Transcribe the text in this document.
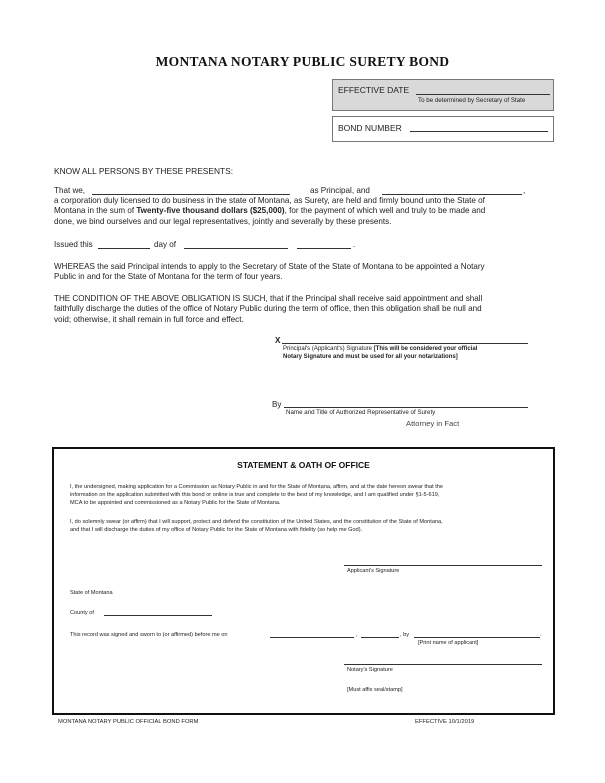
MONTANA NOTARY PUBLIC SURETY BOND
EFFECTIVE DATE
To be determined by Secretary of State
BOND NUMBER
KNOW ALL PERSONS BY THESE PRESENTS:
That we,	as Principal, and	,
a corporation duly licensed to do business in the state of Montana, as Surety, are held and firmly bound unto the State of
Montana in the sum of Twenty-five thousand dollars ($25,000), for the payment of which well and truly to be made and
done, we bind ourselves and our legal representatives, jointly and severally by these presents.
Issued this	day of	.
WHEREAS the said Principal intends to apply to the Secretary of State of the State of Montana to be appointed a Notary
Public in and for the State of Montana for the term of four years.
THE CONDITION OF THE ABOVE OBLIGATION IS SUCH, that if the Principal shall receive said appointment and shall
faithfully discharge the duties of the office of Notary Public during the term of office, then this obligation shall be null and
void; otherwise, it shall remain in full force and effect.
X
Principal's (Applicant's) Signature [This will be considered your official
Notary Signature and must be used for all your notarizations]
By
Name and Title of Authorized Representative of Surety
Attorney in Fact
STATEMENT & OATH OF OFFICE
I, the undersigned, making application for a Commission as Notary Public in and for the State of Montana, affirm, and at the date hereon swear that the
information on the application submitted with this bond or online is true and complete to the best of my knowledge, and I am qualified under §1-5-619,
MCA to be appointed and commissioned as a Notary Public for the State of Montana.
I, do solemnly swear (or affirm) that I will support, protect and defend the constitution of the United States, and the constitution of the State of Montana,
and that I will discharge the duties of my office of Notary Public for the State of Montana with fidelity (so help me God).
Applicant's Signature
State of Montana
County of
This record was signed and sworn to (or affirmed) before me on	,	, by	.
[Print name of applicant]
Notary's Signature
[Must affix seal/stamp]
MONTANA NOTARY PUBLIC OFFICIAL BOND FORM	EFFECTIVE 10/1/2019
